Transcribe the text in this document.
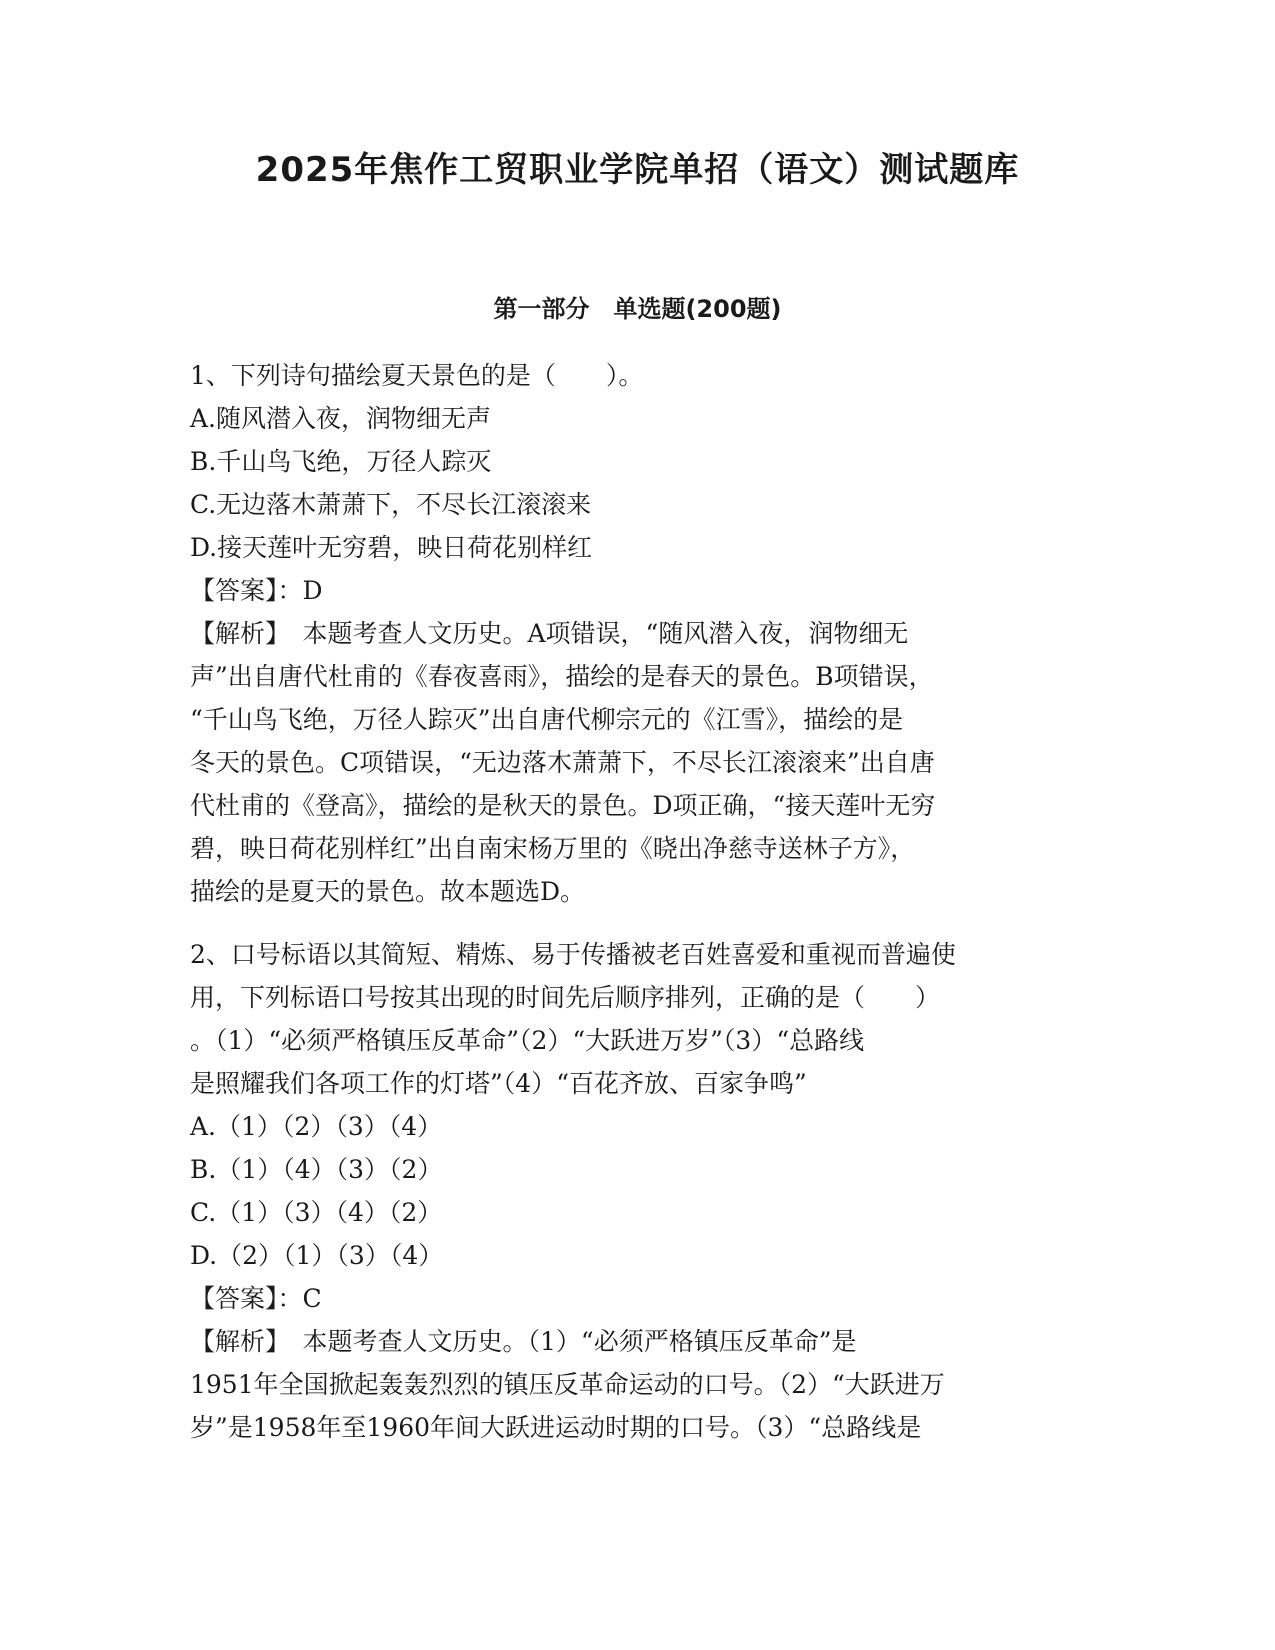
2025年焦作工贸职业学院单招（语文）测试题库
第一部分　单选题(200题)
1、下列诗句描绘夏天景色的是（　　）。
A.随风潜入夜，润物细无声
B.千山鸟飞绝，万径人踪灭
C.无边落木萧萧下，不尽长江滚滚来
D.接天莲叶无穷碧，映日荷花别样红
【答案】：D
【解析】　本题考查人文历史。A项错误，“随风潜入夜，润物细无
声”出自唐代杜甫的《春夜喜雨》，描绘的是春天的景色。B项错误，
“千山鸟飞绝，万径人踪灭”出自唐代柳宗元的《江雪》，描绘的是
冬天的景色。C项错误，“无边落木萧萧下，不尽长江滚滚来”出自唐
代杜甫的《登高》，描绘的是秋天的景色。D项正确，“接天莲叶无穷
碧，映日荷花别样红”出自南宋杨万里的《晓出净慈寺送林子方》，
描绘的是夏天的景色。故本题选D。
2、口号标语以其简短、精炼、易于传播被老百姓喜爱和重视而普遍使
用，下列标语口号按其出现的时间先后顺序排列，正确的是（　　）
。（1）“必须严格镇压反革命”（2）“大跃进万岁”（3）“总路线
是照耀我们各项工作的灯塔”（4）“百花齐放、百家争鸣”
A.（1）（2）（3）（4）
B.（1）（4）（3）（2）
C.（1）（3）（4）（2）
D.（2）（1）（3）（4）
【答案】：C
【解析】　本题考查人文历史。（1）“必须严格镇压反革命”是
1951年全国掀起轰轰烈烈的镇压反革命运动的口号。（2）“大跃进万
岁”是1958年至1960年间大跃进运动时期的口号。（3）“总路线是
